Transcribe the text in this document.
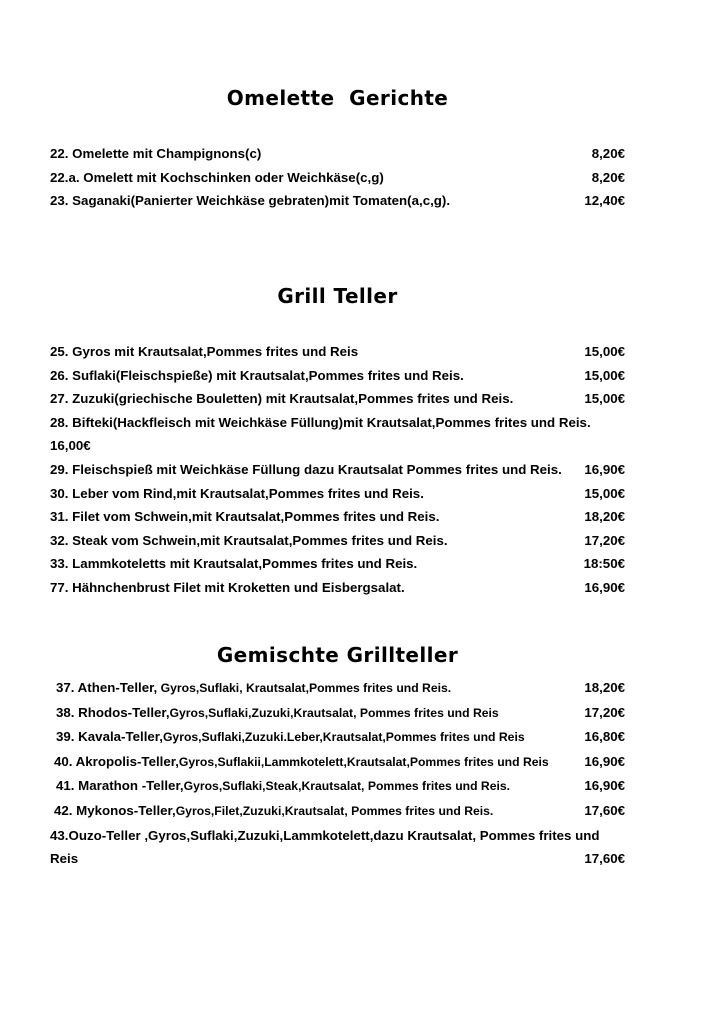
Omelette  Gerichte
22. Omelette mit Champignons(c)	8,20€
22.a. Omelett mit Kochschinken oder Weichkäse(c,g)	8,20€
23. Saganaki(Panierter Weichkäse gebraten)mit Tomaten(a,c,g).	12,40€
Grill Teller
25. Gyros mit Krautsalat,Pommes frites und Reis	15,00€
26. Suflaki(Fleischspieße) mit Krautsalat,Pommes frites und Reis.	15,00€
27. Zuzuki(griechische Bouletten) mit Krautsalat,Pommes frites und Reis.	15,00€
28. Bifteki(Hackfleisch mit Weichkäse Füllung)mit Krautsalat,Pommes frites und Reis.
16,00€
29. Fleischspieß mit Weichkäse Füllung dazu Krautsalat Pommes frites und Reis. 16,90€
30. Leber vom Rind,mit Krautsalat,Pommes frites und Reis.	15,00€
31. Filet vom Schwein,mit Krautsalat,Pommes frites und Reis.	18,20€
32. Steak vom Schwein,mit Krautsalat,Pommes frites und Reis.	17,20€
33. Lammkoteletts mit Krautsalat,Pommes frites und Reis.	18:50€
77. Hähnchenbrust Filet mit Kroketten und Eisbergsalat.	16,90€
Gemischte Grillteller
37. Athen-Teller, Gyros,Suflaki, Krautsalat,Pommes frites und Reis.	18,20€
38. Rhodos-Teller, Gyros,Suflaki,Zuzuki,Krautsalat, Pommes frites und Reis	17,20€
39. Kavala-Teller, Gyros,Suflaki,Zuzuki.Leber,Krautsalat,Pommes frites und Reis	16,80€
40. Akropolis-Teller, Gyros,Suflakii,Lammkotelett,Krautsalat,Pommes frites und Reis	16,90€
41. Marathon -Teller, Gyros,Suflaki,Steak,Krautsalat, Pommes frites und Reis.	16,90€
42. Mykonos-Teller, Gyros,Filet,Zuzuki,Krautsalat, Pommes frites und Reis.	17,60€
43.Ouzo-Teller ,Gyros,Suflaki,Zuzuki,Lammkotelett,dazu Krautsalat, Pommes frites und
Reis	17,60€
